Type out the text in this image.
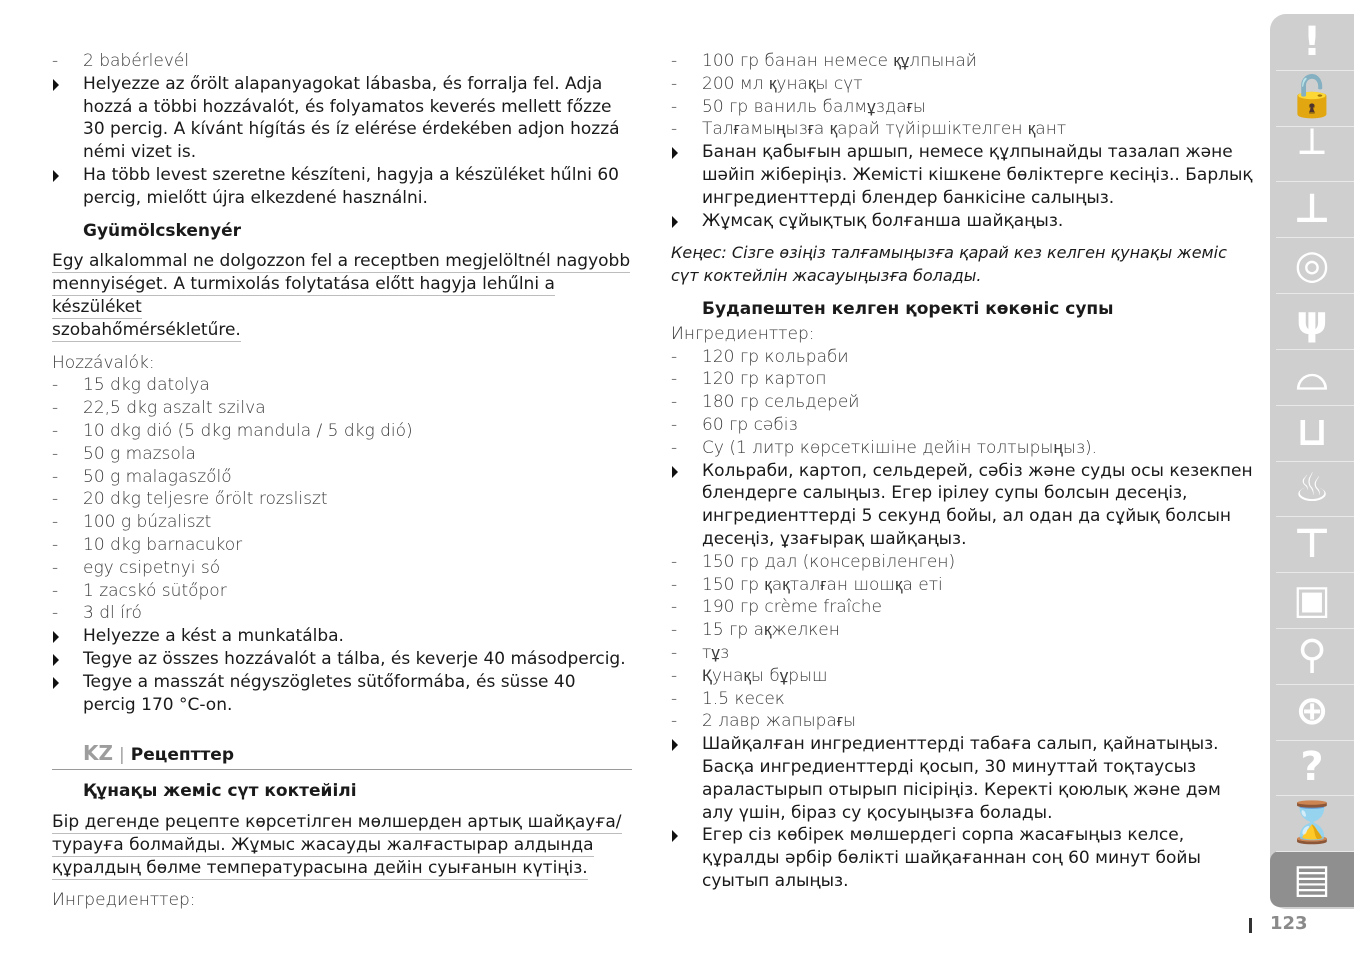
- 2 babérlevél
Helyezze az őrölt alapanyagokat lábasba, és forralja fel. Adja hozzá a többi hozzávalót, és folyamatos keverés mellett főzze 30 percig. A kívánt hígítás és íz elérése érdekében adjon hozzá némi vizet is.
Ha több levest szeretne készíteni, hagyja a készüléket hűlni 60 percig, mielőtt újra elkezdené használni.
Gyümölcskenyér
Egy alkalommal ne dolgozzon fel a receptben megjelöltnél nagyobb
mennyiséget. A turmixolás folytatása előtt hagyja lehűlni a készüléket
szobahőmérsékletűre.
Hozzávalók:
- 15 dkg datolya
- 22,5 dkg aszalt szilva
- 10 dkg dió (5 dkg mandula / 5 dkg dió)
- 50 g mazsola
- 50 g malagaszőlő
- 20 dkg teljesre őrölt rozsliszt
- 100 g búzaliszt
- 10 dkg barnacukor
- egy csipetnyi só
- 1 zacskó sütőpor
- 3 dl író
Helyezze a kést a munkatálba.
Tegye az összes hozzávalót a tálba, és keverje 40 másodpercig.
Tegye a masszát négyszögletes sütőformába, és süsse 40 percig 170 °C-on.
KZ | Рецепттер
Құнақы жеміс сүт коктейілі
Бір дегенде рецепте көрсетілген мөлшерден артық шайқауға/
турауға болмайды. Жұмыс жасауды жалғастырар алдында
құралдың бөлме температурасына дейін суығанын күтіңіз.
Ингредиенттер:
- 100 гр банан немесе құлпынай
- 200 мл қунақы сүт
- 50 гр ваниль балмұздағы
- Талғамыңызға қарай түйіршіктелген қант
Банан қабығын аршып, немесе құлпынайды тазалап және шәйіп жіберіңіз. Жемісті кішкене бөліктерге кесіңіз.. Барлық ингредиенттерді блендер банкісіне салыңыз.
Жұмсақ сұйықтық болғанша шайқаңыз.
Кеңес: Сізге өзіңіз талғамыңызға қарай кез келген қунақы жеміс сүт коктейлін жасауыңызға болады.
Будапештен келген қоректі көкөніс супы
Ингредиенттер:
- 120 гр кольраби
- 120 гр картоп
- 180 гр сельдерей
- 60 гр сәбіз
- Су (1 литр көрсеткішіне дейін толтырыңыз).
Кольраби, картоп, сельдерей, сәбіз және суды осы кезекпен блендерге салыңыз. Егер ірілеу супы болсын десеңіз, ингредиенттерді 5 секунд бойы, ал одан да сұйық болсын десеңіз, ұзағырақ шайқаңыз.
- 150 гр дал (консервіленген)
- 150 гр қақталған шошқа еті
- 190 гр crème fraîche
- 15 гр ақжелкен
- тұз
- Қунақы бұрыш
- 1.5 кесек
- 2 лавр жапырағы
Шайқалған ингредиенттерді табаға салып, қайнатыңыз. Басқа ингредиенттерді қосып, 30 минуттай тоқтаусыз араластырып отырып пісіріңіз. Керекті қоюлық және дәм алу үшін, біраз су қосуыңызға болады.
Егер сіз көбірек мөлшердегі сорпа жасағыңыз келсе, құралды әрбір бөлікті шайқағаннан соң 60 минут бойы суытып алыңыз.
!
🔓
┴
⊥
◎
ψ
⌓
⊔
♨
⊤
▣
⚲
⊕
?
⌛
▤
123
